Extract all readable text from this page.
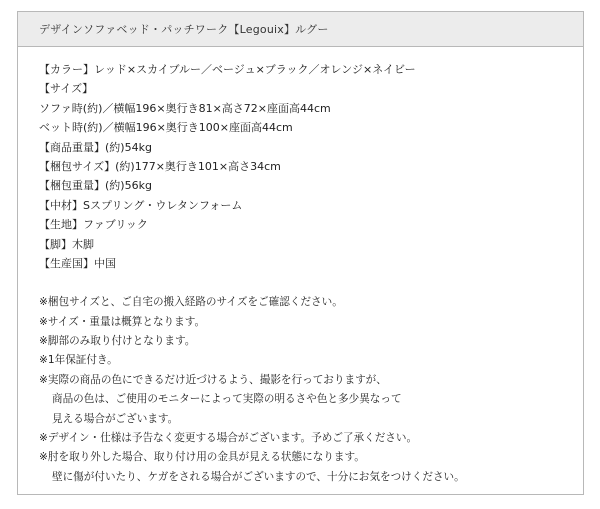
デザインソファベッド・パッチワーク【Legouix】ルグー
【カラー】レッド×スカイブルー／ベージュ×ブラック／オレンジ×ネイビー
【サイズ】
ソファ時(約)／横幅196×奥行き81×高さ72×座面高44cm
ベット時(約)／横幅196×奥行き100×座面高44cm
【商品重量】(約)54kg
【梱包サイズ】(約)177×奥行き101×高さ34cm
【梱包重量】(約)56kg
【中材】Sスプリング・ウレタンフォーム
【生地】ファブリック
【脚】木脚
【生産国】中国
※梱包サイズと、ご自宅の搬入経路のサイズをご確認ください。
※サイズ・重量は概算となります。
※脚部のみ取り付けとなります。
※1年保証付き。
※実際の商品の色にできるだけ近づけるよう、撮影を行っておりますが、
商品の色は、ご使用のモニターによって実際の明るさや色と多少異なって
見える場合がございます。
※デザイン・仕様は予告なく変更する場合がございます。予めご了承ください。
※肘を取り外した場合、取り付け用の金具が見える状態になります。
壁に傷が付いたり、ケガをされる場合がございますので、十分にお気をつけください。
